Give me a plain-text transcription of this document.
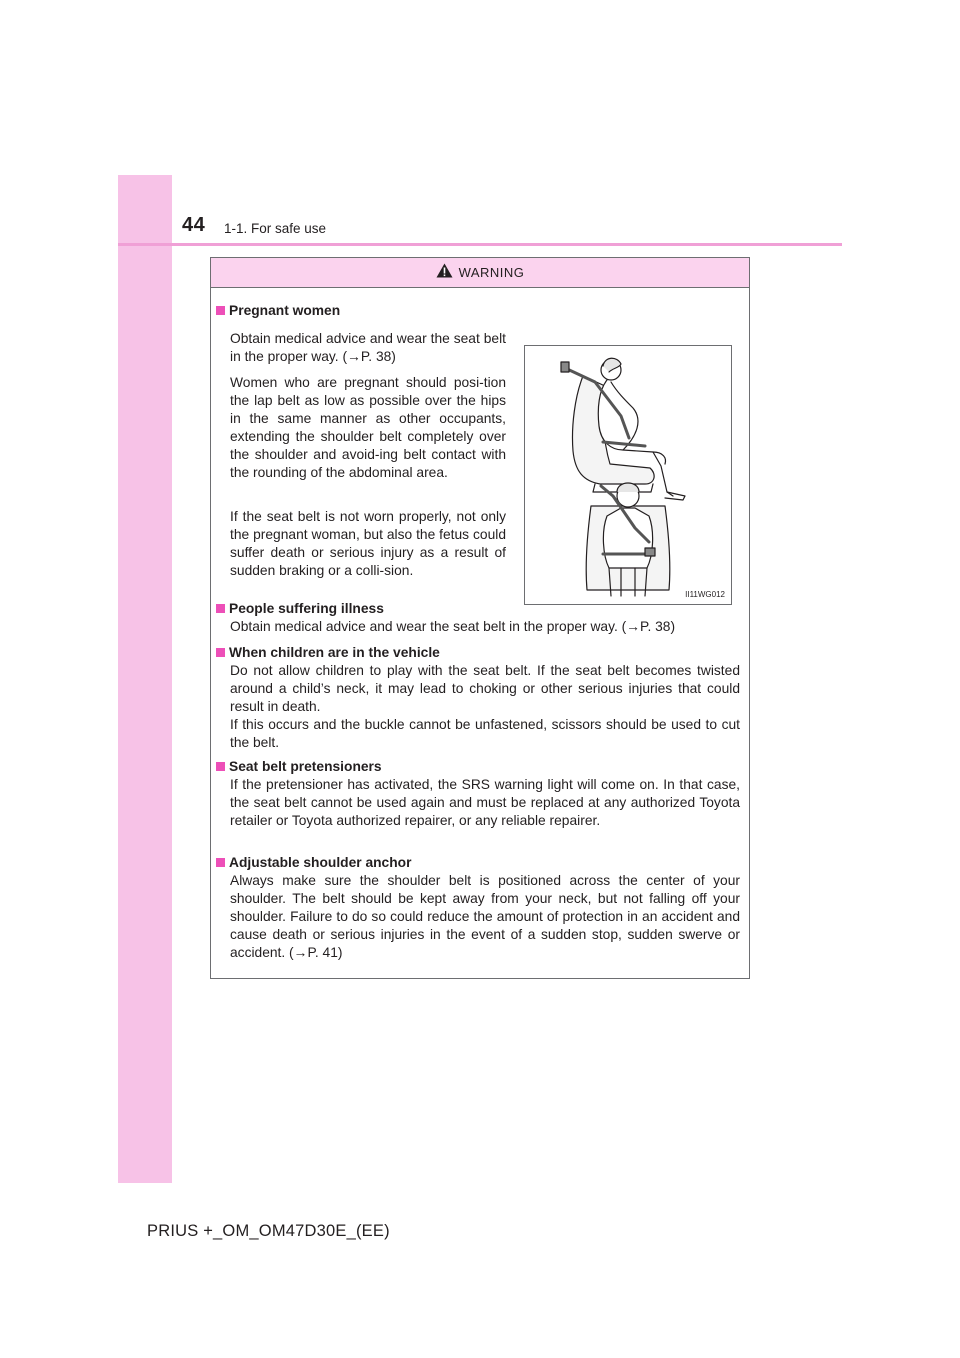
44 1-1. For safe use
WARNING
Pregnant women

Obtain medical advice and wear the seat belt in the proper way. (→P. 38)

Women who are pregnant should posi-tion the lap belt as low as possible over the hips in the same manner as other occupants, extending the shoulder belt completely over the shoulder and avoid-ing belt contact with the rounding of the abdominal area.

If the seat belt is not worn properly, not only the pregnant woman, but also the fetus could suffer death or serious injury as a result of sudden braking or a colli-sion.

II11WG012
People suffering illness

Obtain medical advice and wear the seat belt in the proper way. (→P. 38)

When children are in the vehicle

Do not allow children to play with the seat belt. If the seat belt becomes twisted around a child’s neck, it may lead to choking or other serious injuries that could result in death.

If this occurs and the buckle cannot be unfastened, scissors should be used to cut the belt.

Seat belt pretensioners

If the pretensioner has activated, the SRS warning light will come on. In that case, the seat belt cannot be used again and must be replaced at any authorized Toyota retailer or Toyota authorized repairer, or any reliable repairer.

Adjustable shoulder anchor

Always make sure the shoulder belt is positioned across the center of your shoulder. The belt should be kept away from your neck, but not falling off your shoulder. Failure to do so could reduce the amount of protection in an accident and cause death or serious injuries in the event of a sudden stop, sudden swerve or accident. (→P. 41)

PRIUS +_OM_OM47D30E_(EE)
